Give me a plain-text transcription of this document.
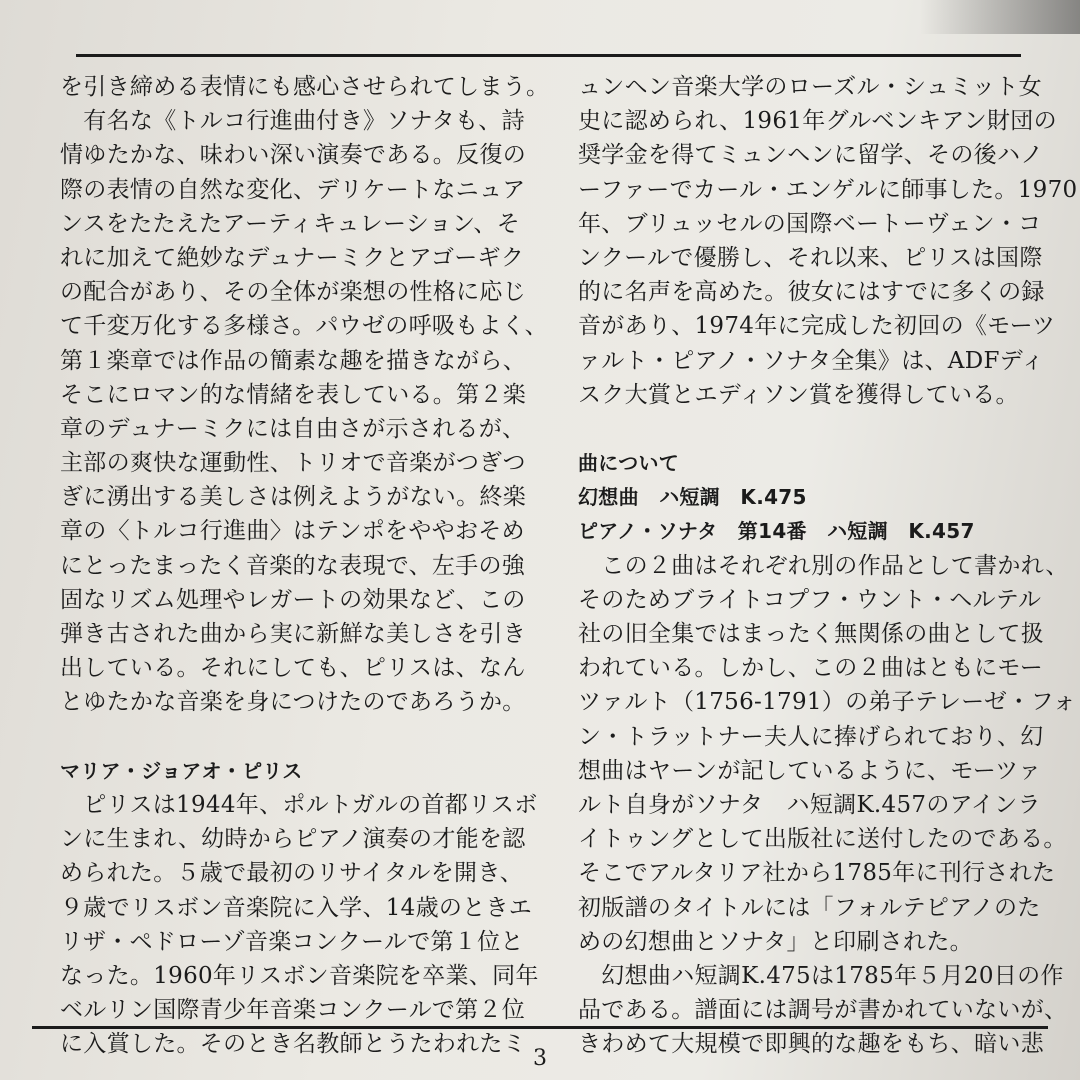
を引き締める表情にも感心させられてしまう。
　有名な《トルコ行進曲付き》ソナタも、詩
情ゆたかな、味わい深い演奏である。反復の
際の表情の自然な変化、デリケートなニュア
ンスをたたえたアーティキュレーション、そ
れに加えて絶妙なデュナーミクとアゴーギク
の配合があり、その全体が楽想の性格に応じ
て千変万化する多様さ。パウゼの呼吸もよく、
第１楽章では作品の簡素な趣を描きながら、
そこにロマン的な情緒を表している。第２楽
章のデュナーミクには自由さが示されるが、
主部の爽快な運動性、トリオで音楽がつぎつ
ぎに湧出する美しさは例えようがない。終楽
章の〈トルコ行進曲〉はテンポをややおそめ
にとったまったく音楽的な表現で、左手の強
固なリズム処理やレガートの効果など、この
弾き古された曲から実に新鮮な美しさを引き
出している。それにしても、ピリスは、なん
とゆたかな音楽を身につけたのであろうか。
マリア・ジョアオ・ピリス
　ピリスは1944年、ポルトガルの首都リスボ
ンに生まれ、幼時からピアノ演奏の才能を認
められた。５歳で最初のリサイタルを開き、
９歳でリスボン音楽院に入学、14歳のときエ
リザ・ペドローゾ音楽コンクールで第１位と
なった。1960年リスボン音楽院を卒業、同年
ベルリン国際青少年音楽コンクールで第２位
に入賞した。そのとき名教師とうたわれたミ
ュンヘン音楽大学のローズル・シュミット女
史に認められ、1961年グルベンキアン財団の
奨学金を得てミュンヘンに留学、その後ハノ
ーファーでカール・エンゲルに師事した。1970
年、ブリュッセルの国際ベートーヴェン・コ
ンクールで優勝し、それ以来、ピリスは国際
的に名声を高めた。彼女にはすでに多くの録
音があり、1974年に完成した初回の《モーツ
ァルト・ピアノ・ソナタ全集》は、ADFディ
スク大賞とエディソン賞を獲得している。
曲について
幻想曲　ハ短調　K.475
ピアノ・ソナタ　第14番　ハ短調　K.457
　この２曲はそれぞれ別の作品として書かれ、
そのためブライトコプフ・ウント・ヘルテル
社の旧全集ではまったく無関係の曲として扱
われている。しかし、この２曲はともにモー
ツァルト（1756-1791）の弟子テレーゼ・フォ
ン・トラットナー夫人に捧げられており、幻
想曲はヤーンが記しているように、モーツァ
ルト自身がソナタ　ハ短調K.457のアインラ
イトゥングとして出版社に送付したのである。
そこでアルタリア社から1785年に刊行された
初版譜のタイトルには「フォルテピアノのた
めの幻想曲とソナタ」と印刷された。
　幻想曲ハ短調K.475は1785年５月20日の作
品である。譜面には調号が書かれていないが、
きわめて大規模で即興的な趣をもち、暗い悲
3
